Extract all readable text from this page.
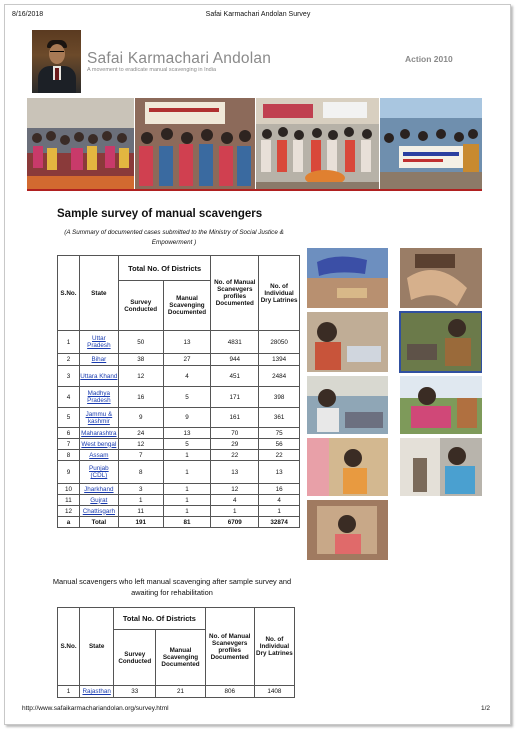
8/16/2018	Safai Karmachari Andolan Survey
Safai Karmachari Andolan
A movement to eradicate manual scavenging in India
Action 2010
Sample survey of manual scavengers
(A Summary of documented cases submitted to the Ministry of Social Justice & Empowerment )
S.No.	State	Total No. Of Districts		No. of Manual Scanevgers profiles Documented	No. of Individual Dry Latrines
		Survey Conducted	Manual Scavenging Documented		
1	Uttar Pradesh	50	13	4831	28050
2	Bihar	38	27	944	1394
3	Uttara Khand	12	4	451	2484
4	Madhya Pradesh	16	5	171	398
5	Jammu & kashmir	9	9	161	361
6	Maharashtra	24	13	70	75
7	West bengal	12	5	29	56
8	Assam	7	1	22	22
9	Punjab (CDL)	8	1	13	13
10	Jharkhand	3	1	12	16
11	Gujrat	1	1	4	4
12	Chattisgarh	11	1	1	1
a	Total	191	81	6709	32874
Manual scavengers who left manual scavenging after sample survey and awaiting for rehabilitation
S.No.	State	Total No. Of Districts		No. of Manual Scanevgers profiles Documented	No. of Individual Dry Latrines
		Survey Conducted	Manual Scavenging Documented		
1	Rajasthan	33	21	806	1408
http://www.safaikarmachariandolan.org/survey.html	1/2
